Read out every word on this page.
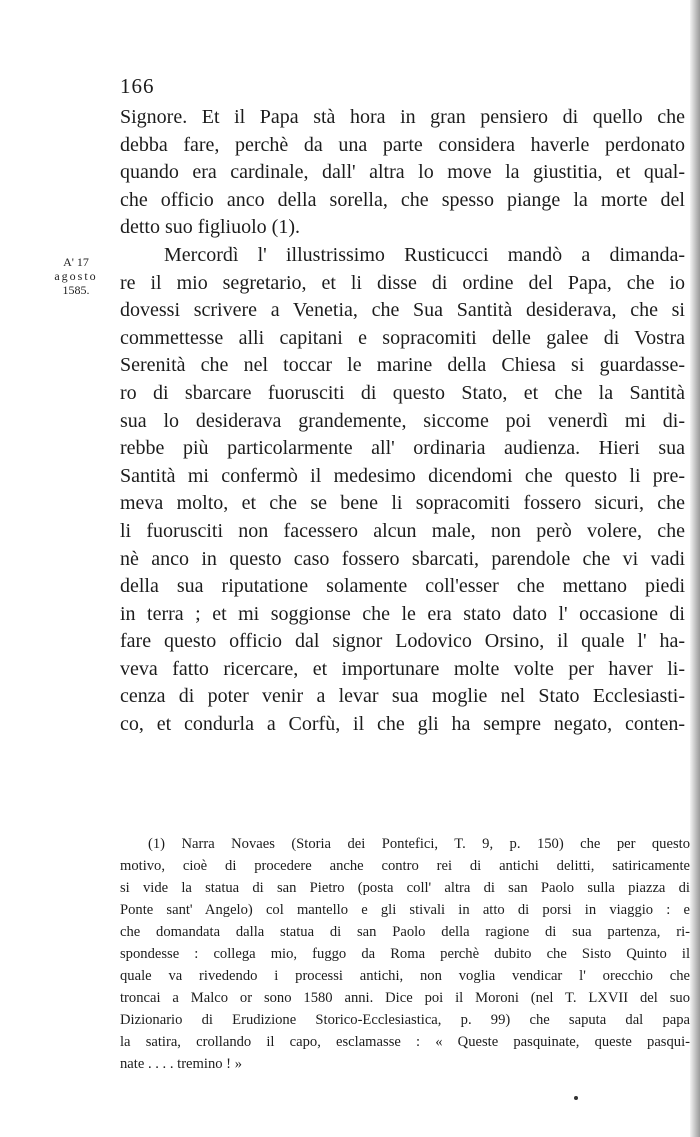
166
A' 17
agosto
1585.
Signore. Et il Papa stà hora in gran pensiero di quello che
debba fare, perchè da una parte considera haverle perdonato
quando era cardinale, dall' altra lo move la giustitia, et qual-
che officio anco della sorella, che spesso piange la morte del
detto suo figliuolo (1).
Mercordì l' illustrissimo Rusticucci mandò a dimanda-
re il mio segretario, et li disse di ordine del Papa, che io
dovessi scrivere a Venetia, che Sua Santità desiderava, che si
commettesse alli capitani e sopracomiti delle galee di Vostra
Serenità che nel toccar le marine della Chiesa si guardasse-
ro di sbarcare fuorusciti di questo Stato, et che la Santità
sua lo desiderava grandemente, siccome poi venerdì mi di-
rebbe più particolarmente all' ordinaria audienza. Hieri sua
Santità mi confermò il medesimo dicendomi che questo li pre-
meva molto, et che se bene li sopracomiti fossero sicuri, che
li fuorusciti non facessero alcun male, non però volere, che
nè anco in questo caso fossero sbarcati, parendole che vi vadi
della sua riputatione solamente coll'esser che mettano piedi
in terra ; et mi soggionse che le era stato dato l' occasione di
fare questo officio dal signor Lodovico Orsino, il quale l' ha-
veva fatto ricercare, et importunare molte volte per haver li-
cenza di poter venir a levar sua moglie nel Stato Ecclesiasti-
co, et condurla a Corfù, il che gli ha sempre negato, conten-
(1) Narra Novaes (Storia dei Pontefici, T. 9, p. 150) che per questo
motivo, cioè di procedere anche contro rei di antichi delitti, satiricamente
si vide la statua di san Pietro (posta coll' altra di san Paolo sulla piazza di
Ponte sant' Angelo) col mantello e gli stivali in atto di porsi in viaggio : e
che domandata dalla statua di san Paolo della ragione di sua partenza, ri-
spondesse : collega mio, fuggo da Roma perchè dubito che Sisto Quinto il
quale va rivedendo i processi antichi, non voglia vendicar l' orecchio che
troncai a Malco or sono 1580 anni. Dice poi il Moroni (nel T. LXVII del suo
Dizionario di Erudizione Storico-Ecclesiastica, p. 99) che saputa dal papa
la satira, crollando il capo, esclamasse : « Queste pasquinate, queste pasqui-
nate . . . . tremino ! »
